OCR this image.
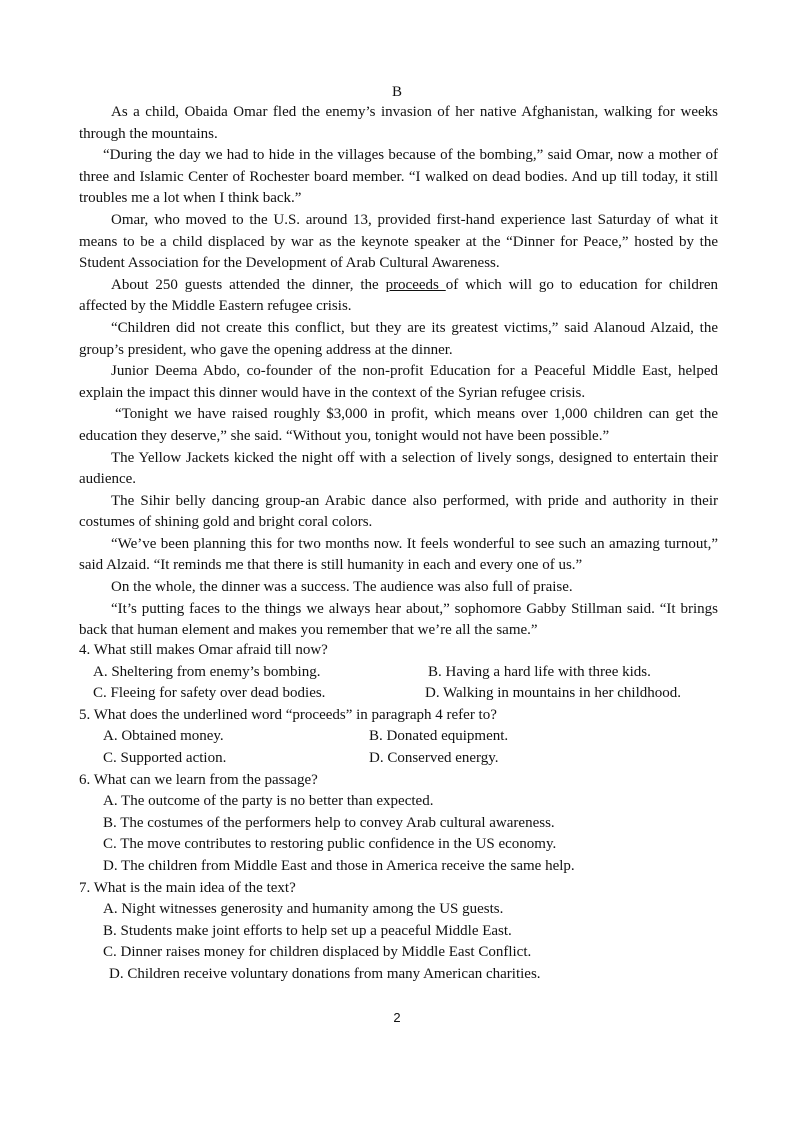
B

As a child, Obaida Omar fled the enemy’s invasion of her native Afghanistan, walking for weeks through the mountains.

“During the day we had to hide in the villages because of the bombing,” said Omar, now a mother of three and Islamic Center of Rochester board member. “I walked on dead bodies. And up till today, it still troubles me a lot when I think back.”

Omar, who moved to the U.S. around 13, provided first-hand experience last Saturday of what it means to be a child displaced by war as the keynote speaker at the “Dinner for Peace,” hosted by the Student Association for the Development of Arab Cultural Awareness.

About 250 guests attended the dinner, the proceeds of which will go to education for children affected by the Middle Eastern refugee crisis.

“Children did not create this conflict, but they are its greatest victims,” said Alanoud Alzaid, the group’s president, who gave the opening address at the dinner.

Junior Deema Abdo, co-founder of the non-profit Education for a Peaceful Middle East, helped explain the impact this dinner would have in the context of the Syrian refugee crisis.

“Tonight we have raised roughly $3,000 in profit, which means over 1,000 children can get the education they deserve,” she said. “Without you, tonight would not have been possible.”

The Yellow Jackets kicked the night off with a selection of lively songs, designed to entertain their audience.

The Sihir belly dancing group-an Arabic dance also performed, with pride and authority in their costumes of shining gold and bright coral colors.

“We’ve been planning this for two months now. It feels wonderful to see such an amazing turnout,” said Alzaid. “It reminds me that there is still humanity in each and every one of us.”

On the whole, the dinner was a success. The audience was also full of praise.

“It’s putting faces to the things we always hear about,” sophomore Gabby Stillman said. “It brings back that human element and makes you remember that we’re all the same.”

4. What still makes Omar afraid till now?

A. Sheltering from enemy’s bombing.	B. Having a hard life with three kids.
C. Fleeing for safety over dead bodies.	D. Walking in mountains in her childhood.

5. What does the underlined word “proceeds” in paragraph 4 refer to?

A. Obtained money.	B. Donated equipment.
C. Supported action.	D. Conserved energy.

6. What can we learn from the passage?

A. The outcome of the party is no better than expected.

B. The costumes of the performers help to convey Arab cultural awareness.

C. The move contributes to restoring public confidence in the US economy.

D. The children from Middle East and those in America receive the same help.

7. What is the main idea of the text?

A. Night witnesses generosity and humanity among the US guests.

B. Students make joint efforts to help set up a peaceful Middle East.

C. Dinner raises money for children displaced by Middle East Conflict.

D. Children receive voluntary donations from many American charities.

2
